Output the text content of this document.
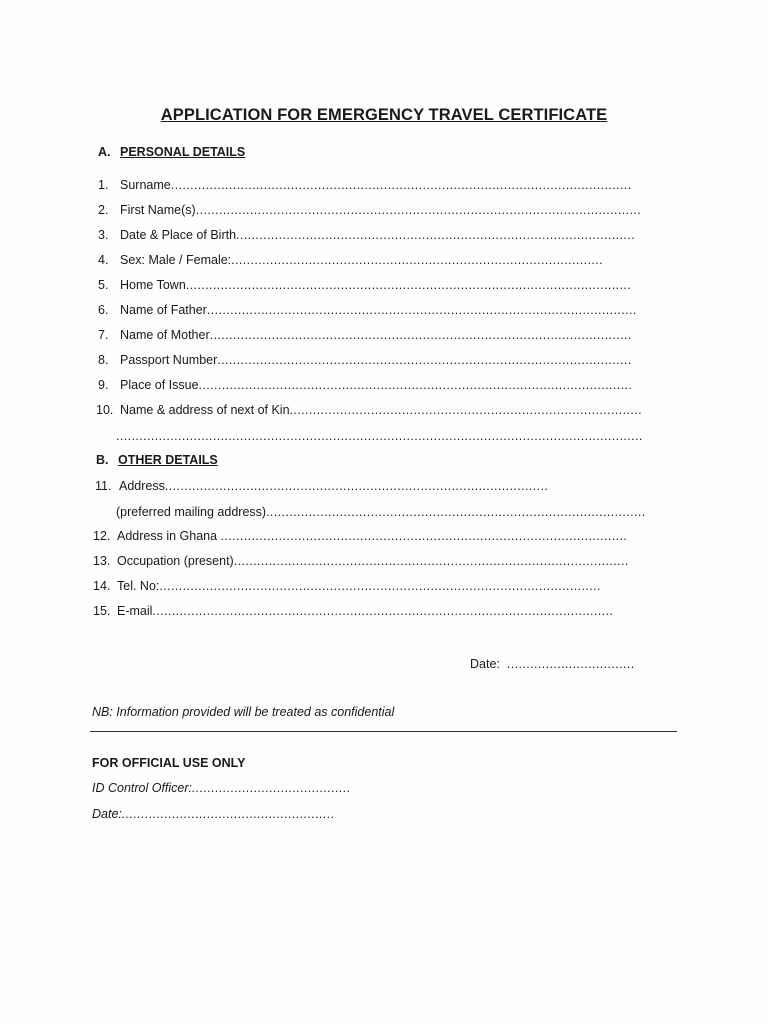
APPLICATION FOR EMERGENCY TRAVEL CERTIFICATE
A. PERSONAL DETAILS
1. Surname.......................................................................................................................
2. First Name(s)...................................................................................................................
3. Date & Place of Birth.......................................................................................................
4. Sex: Male / Female:................................................................................................
5. Home Town...................................................................................................................
6. Name of Father...............................................................................................................
7. Name of Mother.............................................................................................................
8. Passport Number...........................................................................................................
9. Place of Issue................................................................................................................
10. Name & address of next of Kin...........................................................................................
........................................................................................................................................
B. OTHER DETAILS
11. Address...................................................................................................
(preferred mailing address)..................................................................................................
12. Address in Ghana .........................................................................................................
13. Occupation (present)......................................................................................................
14. Tel. No:..................................................................................................................
15. E-mail.......................................................................................................................
Date: .................................
NB: Information provided will be treated as confidential
FOR OFFICIAL USE ONLY
ID Control Officer:.........................................
Date:.......................................................
